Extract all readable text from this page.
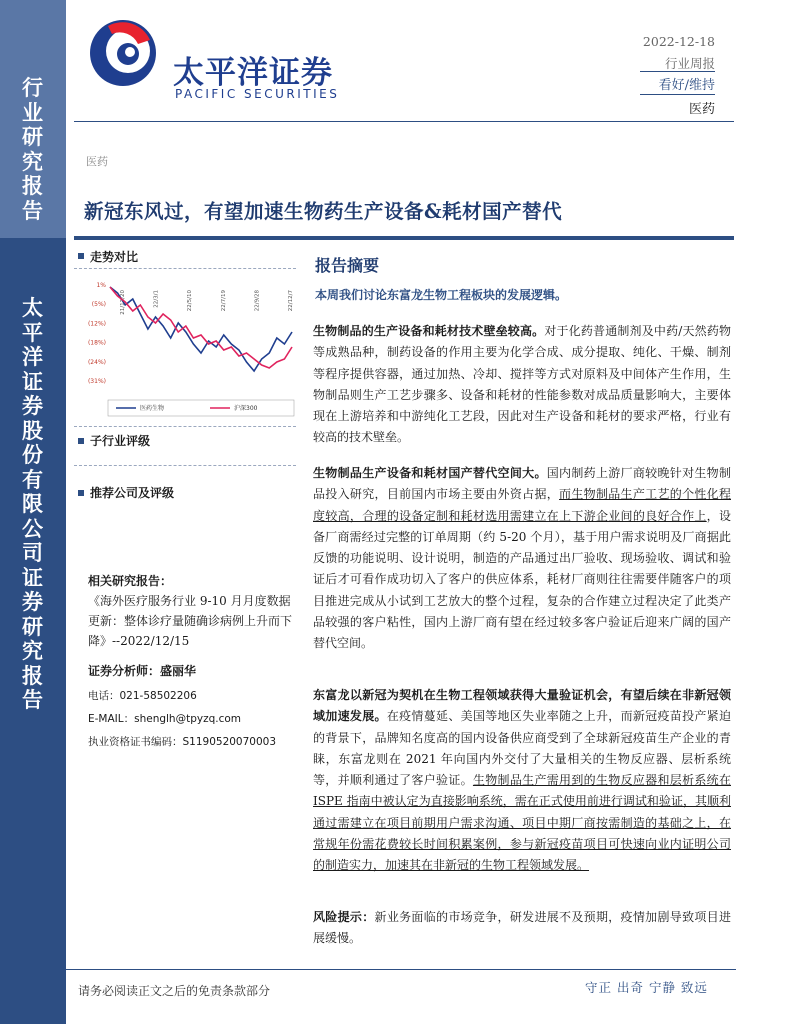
行
业
研
究
报
告
太
平
洋
证
券
股
份
有
限
公
司
证
券
研
究
报
告
太平洋证券
PACIFIC SECURITIES
2022-12-18
行业周报
看好/维持
医药
医药
新冠东风过，有望加速生物药生产设备&耗材国产替代
走势对比
1%
(5%)
(12%)
(18%)
(24%)
(31%)
21/12/20	22/3/1	22/5/10	22/7/19	22/9/28	22/12/7
医药生物	沪深300
子行业评级
推荐公司及评级
相关研究报告：
《海外医疗服务行业 9-10 月月度数据更新：整体诊疗量随确诊病例上升而下降》--2022/12/15
证券分析师：盛丽华
电话：021-58502206
E-MAIL：shenglh@tpyzq.com
执业资格证书编码：S1190520070003
报告摘要
本周我们讨论东富龙生物工程板块的发展逻辑。
生物制品的生产设备和耗材技术壁垒较高。对于化药普通制剂及中药/天然药物等成熟品种，制药设备的作用主要为化学合成、成分提取、纯化、干燥、制剂等程序提供容器，通过加热、冷却、搅拌等方式对原料及中间体产生作用，生物制品则生产工艺步骤多、设备和耗材的性能参数对成品质量影响大，主要体现在上游培养和中游纯化工艺段，因此对生产设备和耗材的要求严格，行业有较高的技术壁垒。
生物制品生产设备和耗材国产替代空间大。国内制药上游厂商较晚针对生物制品投入研究，目前国内市场主要由外资占据，而生物制品生产工艺的个性化程度较高，合理的设备定制和耗材选用需建立在上下游企业间的良好合作上，设备厂商需经过完整的订单周期（约 5-20 个月），基于用户需求说明及厂商据此反馈的功能说明、设计说明，制造的产品通过出厂验收、现场验收、调试和验证后才可看作成功切入了客户的供应体系，耗材厂商则往往需要伴随客户的项目推进完成从小试到工艺放大的整个过程，复杂的合作建立过程决定了此类产品较强的客户粘性，国内上游厂商有望在经过较多客户验证后迎来广阔的国产替代空间。
东富龙以新冠为契机在生物工程领域获得大量验证机会，有望后续在非新冠领域加速发展。在疫情蔓延、美国等地区失业率随之上升，而新冠疫苗投产紧迫的背景下，品牌知名度高的国内设备供应商受到了全球新冠疫苗生产企业的青睐，东富龙则在 2021 年向国内外交付了大量相关的生物反应器、层析系统等，并顺利通过了客户验证。生物制品生产需用到的生物反应器和层析系统在 ISPE 指南中被认定为直接影响系统，需在正式使用前进行调试和验证，其顺利通过需建立在项目前期用户需求沟通、项目中期厂商按需制造的基础之上，在常规年份需花费较长时间积累案例，参与新冠疫苗项目可快速向业内证明公司的制造实力，加速其在非新冠的生物工程领域发展。
风险提示：新业务面临的市场竞争，研发进展不及预期，疫情加剧导致项目进展缓慢。
请务必阅读正文之后的免责条款部分	守正 出奇 宁静 致远
